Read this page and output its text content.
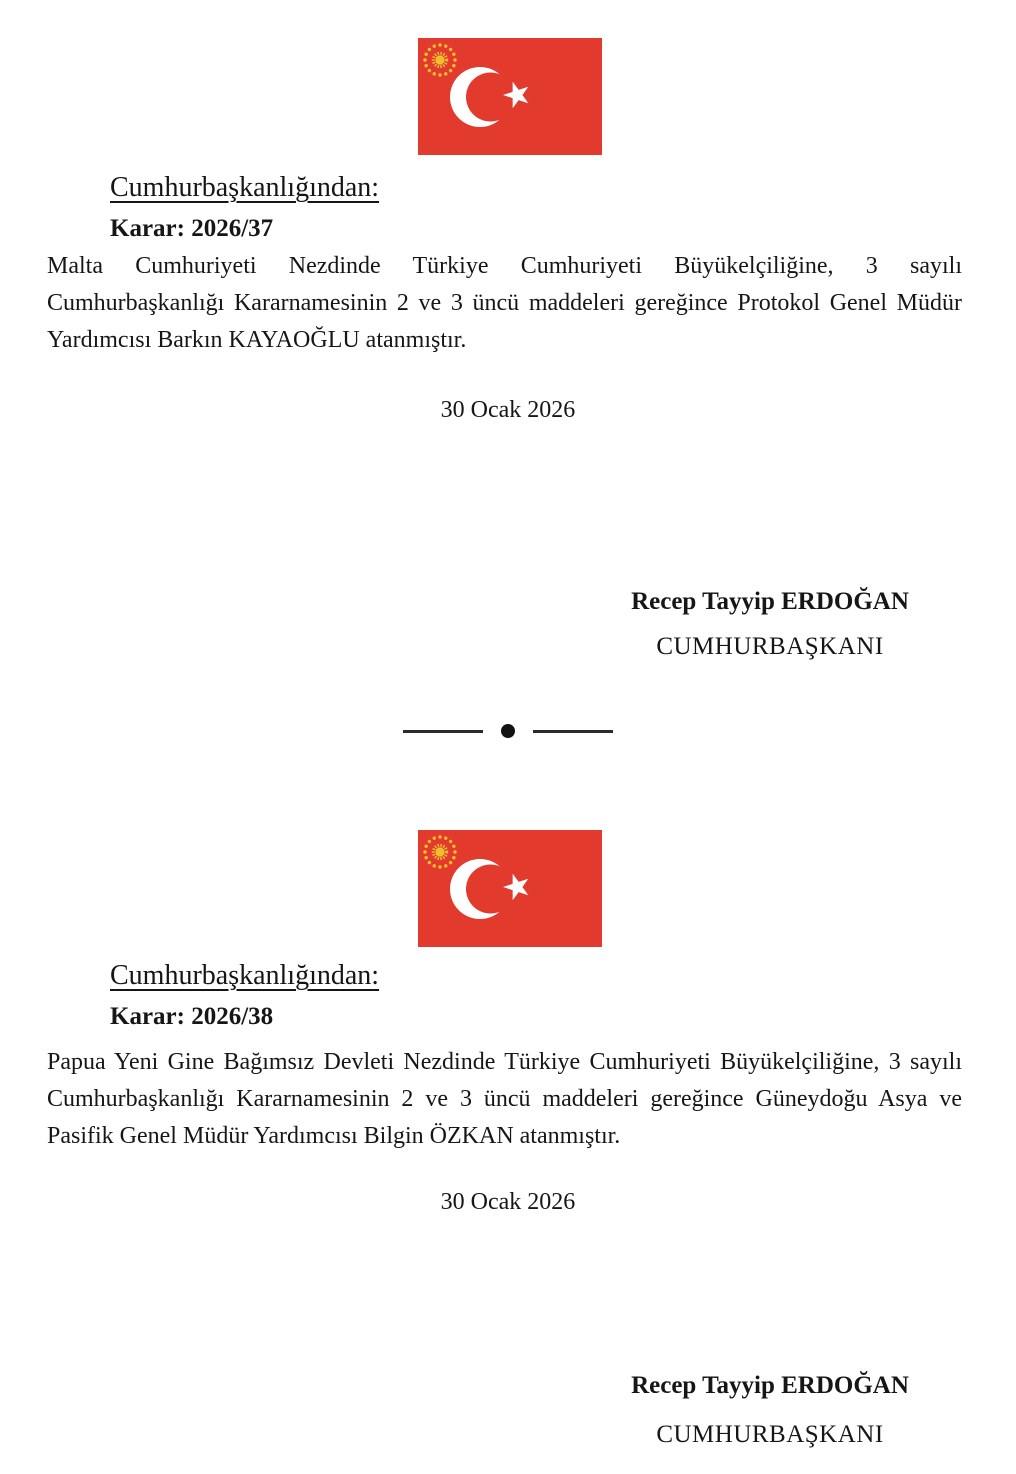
Cumhurbaşkanlığından:
Karar: 2026/37
Malta Cumhuriyeti Nezdinde Türkiye Cumhuriyeti Büyükelçiliğine, 3 sayılı
Cumhurbaşkanlığı Kararnamesinin 2 ve 3 üncü maddeleri gereğince Protokol Genel Müdür
Yardımcısı Barkın KAYAOĞLU atanmıştır.
30 Ocak 2026
Recep Tayyip ERDOĞAN
CUMHURBAŞKANI
Cumhurbaşkanlığından:
Karar: 2026/38
Papua Yeni Gine Bağımsız Devleti Nezdinde Türkiye Cumhuriyeti Büyükelçiliğine, 3 sayılı
Cumhurbaşkanlığı Kararnamesinin 2 ve 3 üncü maddeleri gereğince Güneydoğu Asya ve
Pasifik Genel Müdür Yardımcısı Bilgin ÖZKAN atanmıştır.
30 Ocak 2026
Recep Tayyip ERDOĞAN
CUMHURBAŞKANI
